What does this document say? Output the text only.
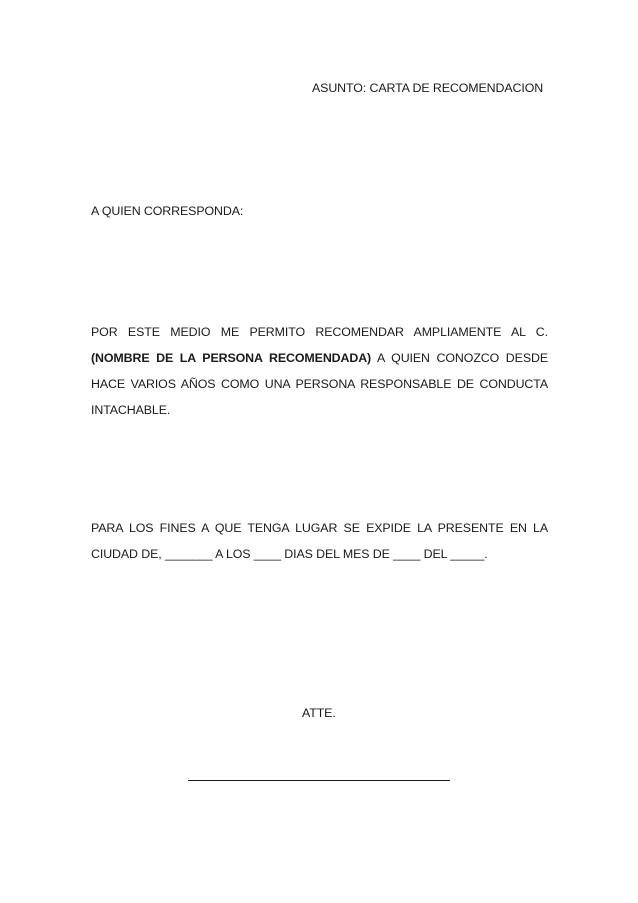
ASUNTO: CARTA DE RECOMENDACION
A QUIEN CORRESPONDA:
POR ESTE MEDIO ME PERMITO RECOMENDAR AMPLIAMENTE AL C.
(NOMBRE DE LA PERSONA RECOMENDADA) A QUIEN CONOZCO DESDE
HACE VARIOS AÑOS COMO UNA PERSONA RESPONSABLE DE CONDUCTA
INTACHABLE.
PARA LOS FINES A QUE TENGA LUGAR SE EXPIDE LA PRESENTE EN LA
CIUDAD DE, _______ A LOS ____ DIAS DEL MES DE ____ DEL _____.
ATTE.
